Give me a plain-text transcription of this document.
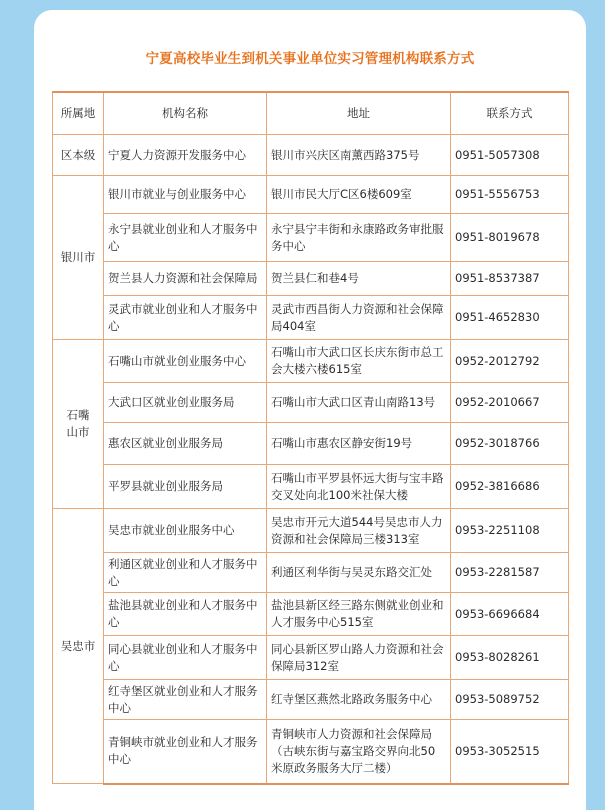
宁夏高校毕业生到机关事业单位实习管理机构联系方式
所属地	机构名称	地址	联系方式
区本级	宁夏人力资源开发服务中心	银川市兴庆区南薰西路375号	0951-5057308
银川市	银川市就业与创业服务中心	银川市民大厅C区6楼609室	0951-5556753
	永宁县就业创业和人才服务中心	永宁县宁丰街和永康路政务审批服务中心	0951-8019678
	贺兰县人力资源和社会保障局	贺兰县仁和巷4号	0951-8537387
	灵武市就业创业和人才服务中心	灵武市西昌街人力资源和社会保障局404室	0951-4652830
石嘴山市	石嘴山市就业创业服务中心	石嘴山市大武口区长庆东街市总工会大楼六楼615室	0952-2012792
	大武口区就业创业服务局	石嘴山市大武口区青山南路13号	0952-2010667
	惠农区就业创业服务局	石嘴山市惠农区静安街19号	0952-3018766
	平罗县就业创业服务局	石嘴山市平罗县怀远大街与宝丰路交叉处向北100米社保大楼	0952-3816686
吴忠市	吴忠市就业创业服务中心	吴忠市开元大道544号吴忠市人力资源和社会保障局三楼313室	0953-2251108
	利通区就业创业和人才服务中心	利通区利华街与吴灵东路交汇处	0953-2281587
	盐池县就业创业和人才服务中心	盐池县新区经三路东侧就业创业和人才服务中心515室	0953-6696684
	同心县就业创业和人才服务中心	同心县新区罗山路人力资源和社会保障局312室	0953-8028261
	红寺堡区就业创业和人才服务中心	红寺堡区燕然北路政务服务中心	0953-5089752
	青铜峡市就业创业和人才服务中心	青铜峡市人力资源和社会保障局（古峡东街与嘉宝路交界向北50米原政务服务大厅二楼）	0953-3052515
